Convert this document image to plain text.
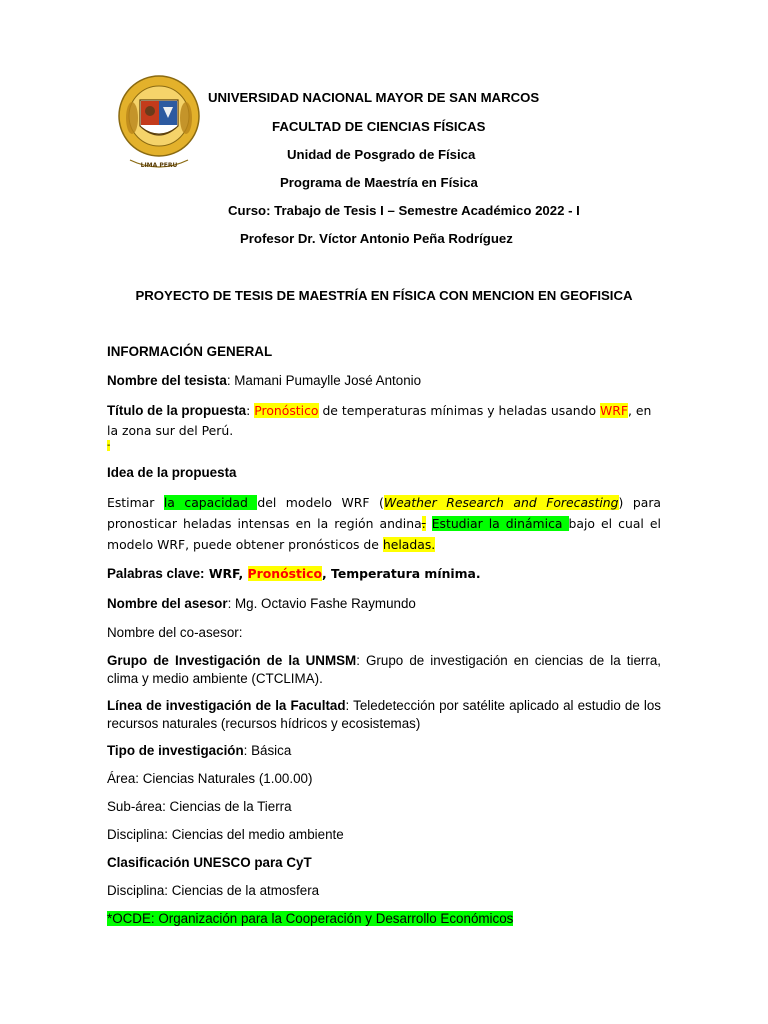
LIMA PERU
UNIVERSIDAD NACIONAL MAYOR DE SAN MARCOS
FACULTAD DE CIENCIAS FÍSICAS
Unidad de Posgrado de Física
Programa de Maestría en Física
Curso: Trabajo de Tesis I – Semestre Académico 2022 - I
Profesor Dr. Víctor Antonio Peña Rodríguez
PROYECTO DE TESIS DE MAESTRÍA EN FÍSICA CON MENCION EN GEOFISICA
INFORMACIÓN GENERAL
Nombre del tesista: Mamani Pumaylle José Antonio
Título de la propuesta: Pronóstico de temperaturas mínimas y heladas usando WRF, en la zona sur del Perú.
-
Idea de la propuesta
Estimar la capacidad del modelo WRF (Weather Research and Forecasting) para pronosticar heladas intensas en la región andina. Estudiar la dinámica bajo el cual el modelo WRF, puede obtener pronósticos de heladas.
Palabras clave: WRF, Pronóstico, Temperatura mínima.
Nombre del asesor: Mg. Octavio Fashe Raymundo
Nombre del co-asesor:
Grupo de Investigación de la UNMSM: Grupo de investigación en ciencias de la tierra, clima y medio ambiente (CTCLIMA).
Línea de investigación de la Facultad: Teledetección por satélite aplicado al estudio de los recursos naturales (recursos hídricos y ecosistemas)
Tipo de investigación: Básica
Área: Ciencias Naturales (1.00.00)
Sub-área: Ciencias de la Tierra
Disciplina: Ciencias del medio ambiente
Clasificación UNESCO para CyT
Disciplina: Ciencias de la atmosfera
*OCDE: Organización para la Cooperación y Desarrollo Económicos
